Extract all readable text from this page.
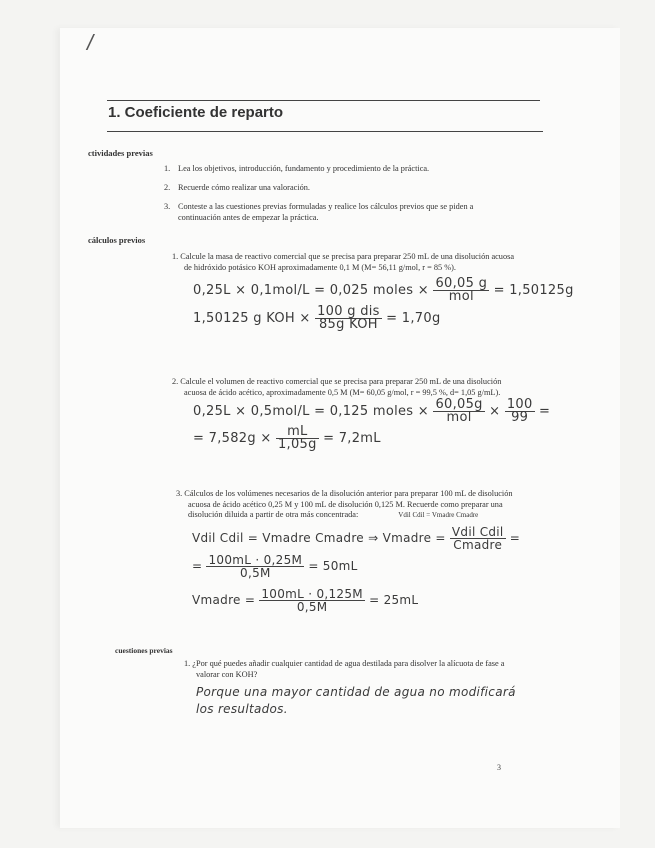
/
1. Coeficiente de reparto
ctividades previas
1. Lea los objetivos, introducción, fundamento y procedimiento de la práctica.
2. Recuerde cómo realizar una valoración.
3. Conteste a las cuestiones previas formuladas y realice los cálculos previos que se piden a
continuación antes de empezar la práctica.
cálculos previos
1. Calcule la masa de reactivo comercial que se precisa para preparar 250 mL de una disolución acuosa
de hidróxido potásico KOH aproximadamente 0,1 M (M= 56,11 g/mol, r = 85 %).
0,25L × 0,1mol/L = 0,025 moles × $\frac{60,05 g}{\text{mol}} = 1,50125g$
1,50125 g KOH × $\frac{\text{100 g dis}}{\text{85g KOH}} = 1,70g$
2. Calcule el volumen de reactivo comercial que se precisa para preparar 250 mL de una disolución
acuosa de ácido acético, aproximadamente 0,5 M (M= 60,05 g/mol, r = 99,5 %, d= 1,05 g/mL).
0,25L × 0,5mol/L = 0,125 moles × $\frac{60,05g}{\text{mol}} \times \frac{100}{99}$ =
= $7,582g \times \frac{mL}{1,05g} = 7,2mL$
3. Cálculos de los volúmenes necesarios de la disolución anterior para preparar 100 mL de disolución
acuosa de ácido acético 0,25 M y 100 mL de disolución 0,125 M. Recuerde como preparar una
disolución diluida a partir de otra más concentrada:	Vdil Cdil = Vmadre Cmadre
Vdil Cdil = Vmadre Cmadre ⇒ Vmadre = $\frac{\text{Vdil Cdil}}{\text{Cmadre}}$ =
= $\frac{100mL \cdot 0,25M}{0,5M} = 50mL$
Vmadre = $\frac{100mL \cdot 0,125M}{0,5M} = 25mL$
cuestiones previas
1. ¿Por qué puedes añadir cualquier cantidad de agua destilada para disolver la alícuota de fase a
valorar con KOH?
Porque una mayor cantidad de agua no modificará
los resultados.
3
